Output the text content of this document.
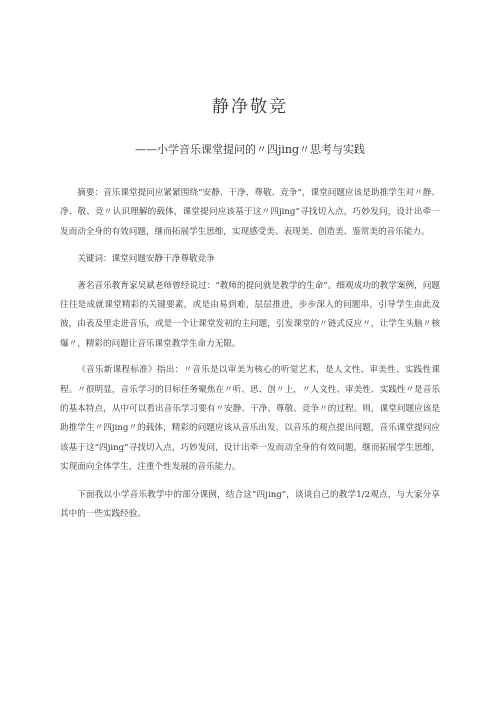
静净敬竞
——小学音乐课堂提问的〃四jing〃思考与实践

摘要：音乐课堂提问应紧紧围绕“安静、干净、尊敬、竞争”，课堂问题应该是助推学生对〃静、净、敬、竞〃认识理解的载体，课堂提问应该基于这〃四jing”寻找切入点，巧妙发问，设计出牵一发而动全身的有效问题，继而拓展学生思维，实现感受美、表现美、创造美、鉴赏美的音乐能力。

关键词：课堂问题安静干净尊敬竞争

著名音乐教育家吴斌老师曾经说过：“教师的提问就是教学的生命”。细观成功的教学案例，问题往往是成就课堂精彩的关键要素，或是由易到难，层层推进，步步深入的问题串，引导学生由此及彼，由表及里走进音乐，或是一个让课堂发初的主问题，引发课堂的〃链式反应〃，让学生头脑〃核爆〃，精彩的问题让音乐课堂教学生命力无限。

《音乐新课程标准》指出：〃音乐是以审美为核心的听觉艺术，是人文性、审美性、实践性课程。〃很明显，音乐学习的目标任务聚焦在〃听、思、创〃上，〃人文性、审美性、实践性〃是音乐的基本特点，从中可以看出音乐学习要有〃安静、干净、尊敬、竞争〃的过程。则，课堂问题应该是助推学生〃四jing〃的载体，精彩的问题应该从音乐出发，以音乐的观点提出问题，音乐课堂提问应该基于这“四jing”寻找切入点，巧妙发问，设计出牵一发而动全身的有效问题，继而拓展学生思维，实现面向全体学生，注重个性发展的音乐能力。

下面我以小学音乐教学中的部分课例，结合这“四jing”，谈谈自己的教学1/2观点，与大家分享其中的一些实践经验。
